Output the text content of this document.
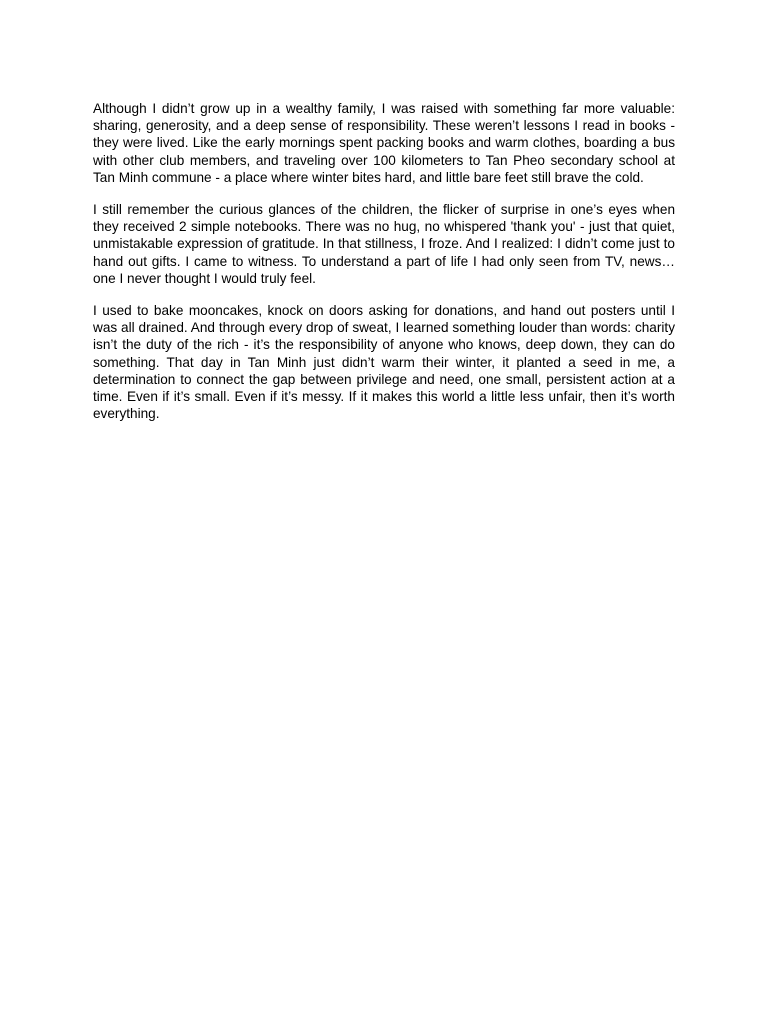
Although I didn’t grow up in a wealthy family, I was raised with something far more valuable: sharing, generosity, and a deep sense of responsibility. These weren’t lessons I read in books - they were lived. Like the early mornings spent packing books and warm clothes, boarding a bus with other club members, and traveling over 100 kilometers to Tan Pheo secondary school at Tan Minh commune - a place where winter bites hard, and little bare feet still brave the cold.

I still remember the curious glances of the children, the flicker of surprise in one’s eyes when they received 2 simple notebooks. There was no hug, no whispered 'thank you' - just that quiet, unmistakable expression of gratitude. In that stillness, I froze. And I realized: I didn’t come just to hand out gifts. I came to witness. To understand a part of life I had only seen from TV, news… one I never thought I would truly feel.

I used to bake mooncakes, knock on doors asking for donations, and hand out posters until I was all drained. And through every drop of sweat, I learned something louder than words: charity isn’t the duty of the rich - it’s the responsibility of anyone who knows, deep down, they can do something. That day in Tan Minh just didn’t warm their winter, it planted a seed in me, a determination to connect the gap between privilege and need, one small, persistent action at a time. Even if it’s small. Even if it’s messy. If it makes this world a little less unfair, then it’s worth everything.
